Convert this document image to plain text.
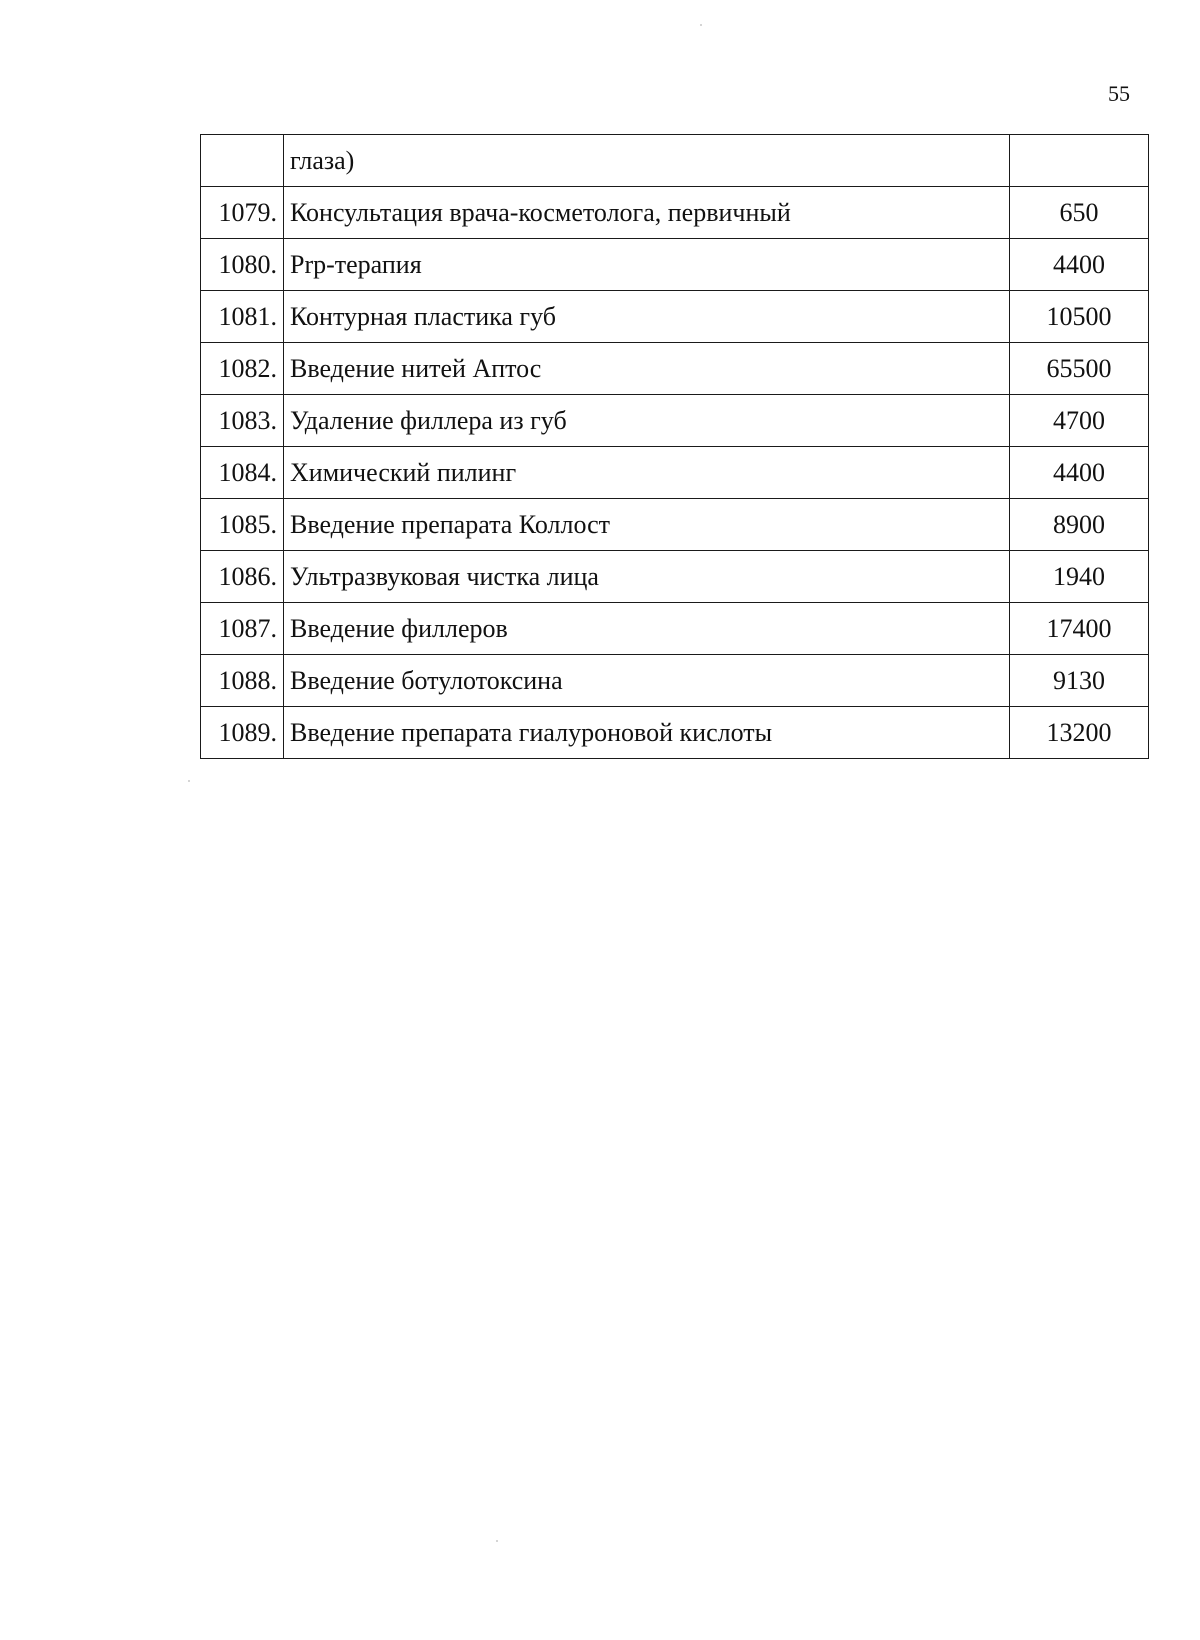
55
	глаза)	
1079.	Консультация врача-косметолога, первичный	650
1080.	Prp-терапия	4400
1081.	Контурная пластика губ	10500
1082.	Введение нитей Аптос	65500
1083.	Удаление филлера из губ	4700
1084.	Химический пилинг	4400
1085.	Введение препарата Коллост	8900
1086.	Ультразвуковая чистка лица	1940
1087.	Введение филлеров	17400
1088.	Введение ботулотоксина	9130
1089.	Введение препарата гиалуроновой кислоты	13200
